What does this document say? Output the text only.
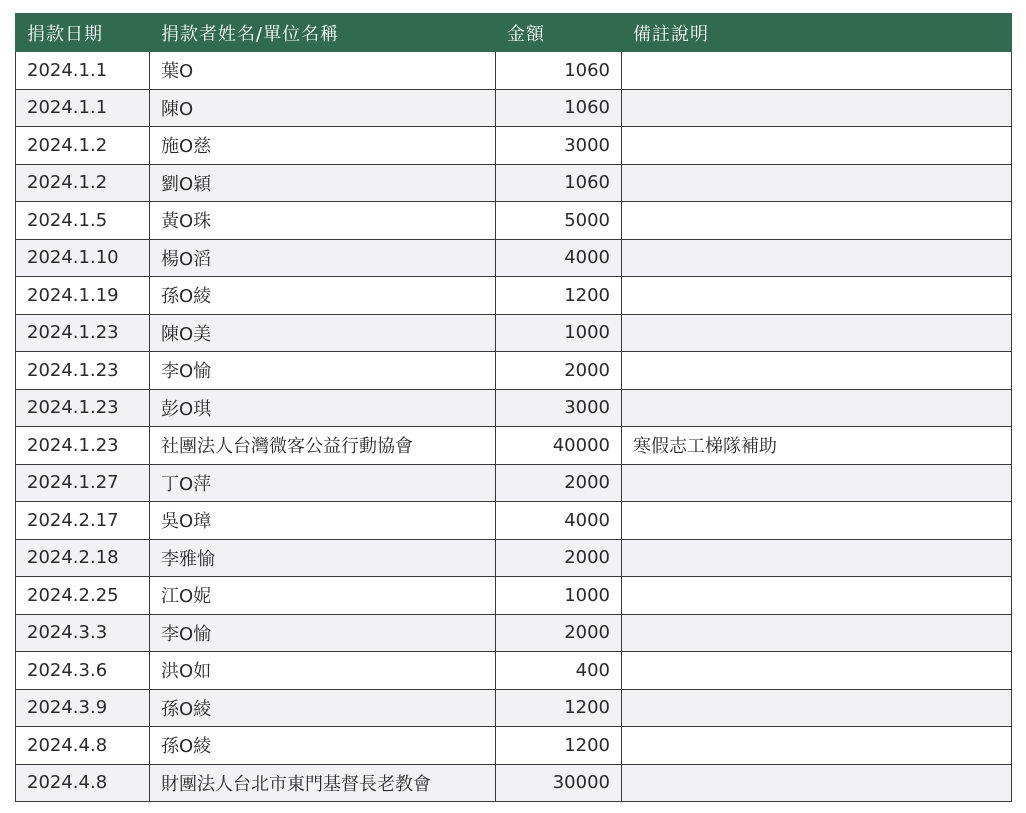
捐款日期	捐款者姓名/單位名稱	金額	備註說明
2024.1.1	葉O	1060	
2024.1.1	陳O	1060	
2024.1.2	施O慈	3000	
2024.1.2	劉O穎	1060	
2024.1.5	黃O珠	5000	
2024.1.10	楊O滔	4000	
2024.1.19	孫O綾	1200	
2024.1.23	陳O美	1000	
2024.1.23	李O愉	2000	
2024.1.23	彭O琪	3000	
2024.1.23	社團法人台灣微客公益行動協會	40000	寒假志工梯隊補助
2024.1.27	丁O萍	2000	
2024.2.17	吳O璋	4000	
2024.2.18	李雅愉	2000	
2024.2.25	江O妮	1000	
2024.3.3	李O愉	2000	
2024.3.6	洪O如	400	
2024.3.9	孫O綾	1200	
2024.4.8	孫O綾	1200	
2024.4.8	財團法人台北市東門基督長老教會	30000	
